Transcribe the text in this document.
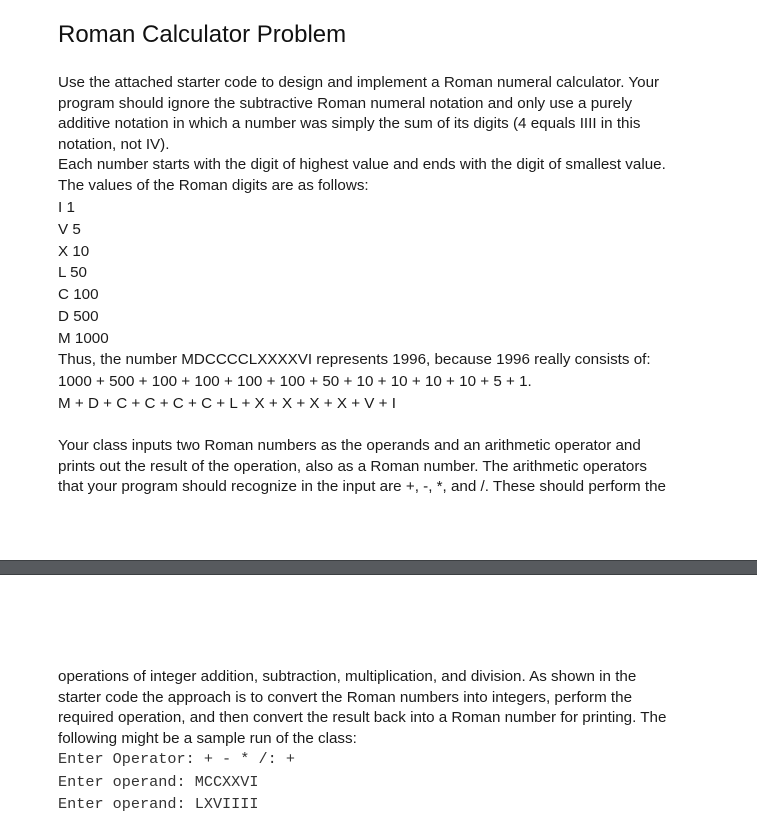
Roman Calculator Problem

Use the attached starter code to design and implement a Roman numeral calculator. Your

program should ignore the subtractive Roman numeral notation and only use a purely

additive notation in which a number was simply the sum of its digits (4 equals IIII in this

notation, not IV).

Each number starts with the digit of highest value and ends with the digit of smallest value.

The values of the Roman digits are as follows:

I 1

V 5

X 10

L 50

C 100

D 500

M 1000

Thus, the number MDCCCCLXXXXVI represents 1996, because 1996 really consists of:

1000 + 500 + 100 + 100 + 100 + 100 + 50 + 10 + 10 + 10 + 10 + 5 + 1.

M + D + C + C + C + C + L + X + X + X + X + V + I

Your class inputs two Roman numbers as the operands and an arithmetic operator and

prints out the result of the operation, also as a Roman number. The arithmetic operators

that your program should recognize in the input are +, -, *, and /. These should perform the

operations of integer addition, subtraction, multiplication, and division. As shown in the

starter code the approach is to convert the Roman numbers into integers, perform the

required operation, and then convert the result back into a Roman number for printing. The

following might be a sample run of the class:

Enter Operator: + - * /: +

Enter operand: MCCXXVI

Enter operand: LXVIIII
